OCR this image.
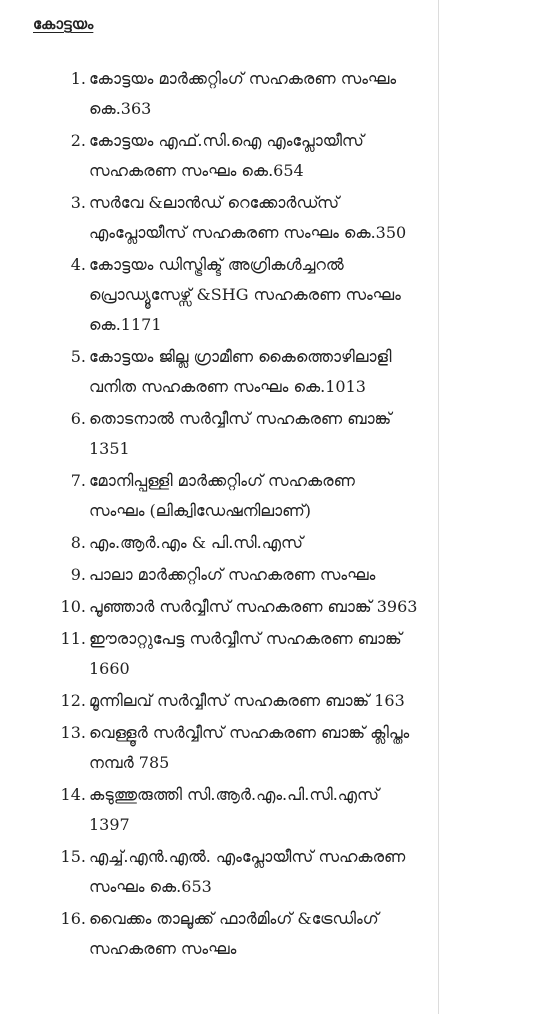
കോട്ടയം
1. കോട്ടയം മാർക്കറ്റിംഗ് സഹകരണ സംഘം
കെ.363
2. കോട്ടയം എഫ്.സി.ഐ എംപ്ലോയീസ്
സഹകരണ സംഘം കെ.654
3. സർവേ &ലാൻഡ് റെക്കോർഡ്സ്
എംപ്ലോയീസ് സഹകരണ സംഘം കെ.350
4. കോട്ടയം ഡിസ്ട്രിക്ട് അഗ്രികൾച്ചറൽ
പ്രൊഡ്യൂസേഴ്സ് &SHG സഹകരണ സംഘം
കെ.1171
5. കോട്ടയം ജില്ല ഗ്രാമീണ കൈത്തൊഴിലാളി
വനിത സഹകരണ സംഘം കെ.1013
6. തൊടനാൽ സർവ്വീസ് സഹകരണ ബാങ്ക്
1351
7. മോനിപ്പള്ളി മാർക്കറ്റിംഗ് സഹകരണ
സംഘം (ലിക്വിഡേഷനിലാണ്)
8. എം.ആർ.എം & പി.സി.എസ്
9. പാലാ മാർക്കറ്റിംഗ് സഹകരണ സംഘം
10. പൂഞ്ഞാർ സർവ്വീസ് സഹകരണ ബാങ്ക് 3963
11. ഈരാറ്റുപേട്ട സർവ്വീസ് സഹകരണ ബാങ്ക്
1660
12. മൂന്നിലവ് സർവ്വീസ് സഹകരണ ബാങ്ക് 163
13. വെള്ളൂർ സർവ്വീസ് സഹകരണ ബാങ്ക് ക്ലിപ്തം
നമ്പർ 785
14. കടുത്തുരുത്തി സി.ആർ.എം.പി.സി.എസ്
1397
15. എച്ച്.എൻ.എൽ. എംപ്ലോയീസ് സഹകരണ
സംഘം കെ.653
16. വൈക്കം താലൂക്ക് ഫാർമിംഗ് &ട്രേഡിംഗ്
സഹകരണ സംഘം
